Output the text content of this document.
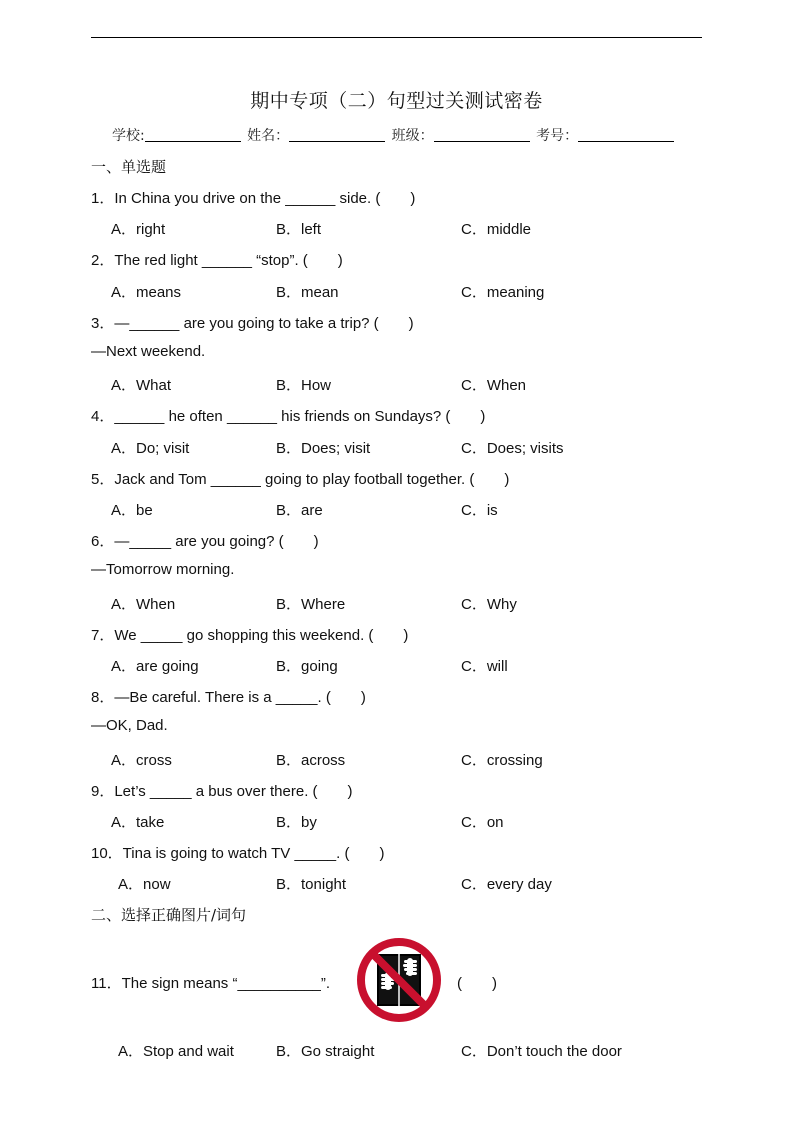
期中专项（二）句型过关测试密卷
学校:	姓名：	班级：	考号：
一、单选题
1．In China you drive on the ______ side. (　　)
A．right	B．left	C．middle
2．The red light ______ “stop”. (　　)
A．means	B．mean	C．meaning
3．—______ are you going to take a trip? (　　)
—Next weekend.
A．What	B．How	C．When
4．______ he often ______ his friends on Sundays? (　　)
A．Do; visit	B．Does; visit	C．Does; visits
5．Jack and Tom ______ going to play football together. (　　)
A．be	B．are	C．is
6．—_____ are you going? (　　)
—Tomorrow morning.
A．When	B．Where	C．Why
7．We _____ go shopping this weekend. (　　)
A．are going	B．going	C．will
8．—Be careful. There is a _____. (　　)
—OK, Dad.
A．cross	B．across	C．crossing
9．Let’s _____ a bus over there. (　　)
A．take	B．by	C．on
10．Tina is going to watch TV _____. (　　)
A．now	B．tonight	C．every day
二、选择正确图片/词句
11．The sign means “__________”.	(　　)
A．Stop and wait	B．Go straight	C．Don’t touch the door
